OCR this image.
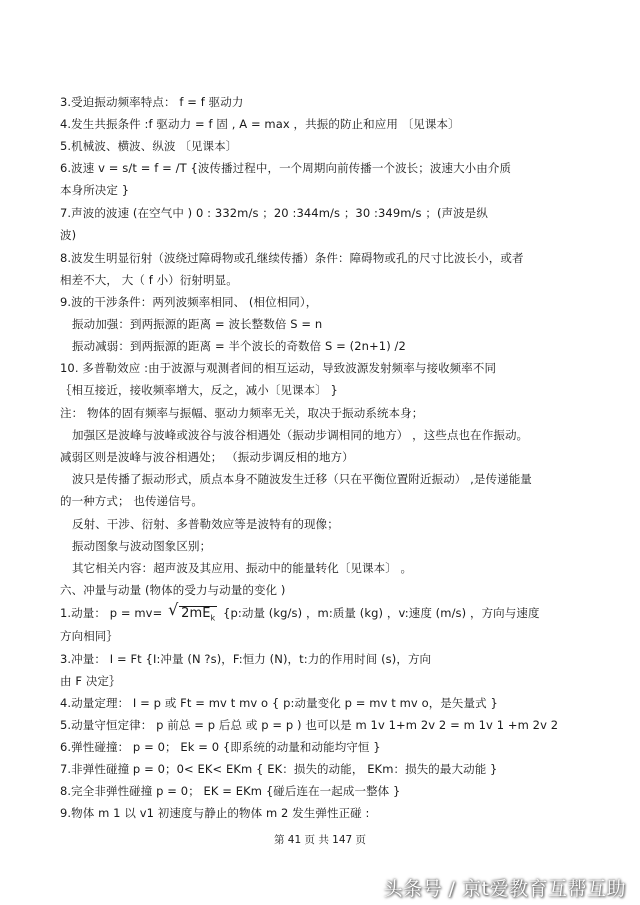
3.受迫振动频率特点： f = f 驱动力
4.发生共振条件 :f 驱动力 = f 固 , A = max ，共振的防止和应用 〔见课本〕
5.机械波、横波、纵波 〔见课本〕
6.波速 v = s/t = f = /T {波传播过程中，一个周期向前传播一个波长；波速大小由介质
本身所决定 }
7.声波的波速 (在空气中 ) 0 : 332m/s ；20 :344m/s ；30 :349m/s ；(声波是纵
波)
8.波发生明显衍射（波绕过障碍物或孔继续传播）条件：障碍物或孔的尺寸比波长小，或者
相差不大， 大（ f 小）衍射明显。
9.波的干涉条件：两列波频率相同、 (相位相同），
振动加强：到两振源的距离 = 波长整数倍 S = n
振动减弱：到两振源的距离 = 半个波长的奇数倍 S = (2n+1) /2
10. 多普勒效应 :由于波源与观测者间的相互运动，导致波源发射频率与接收频率不同
｛相互接近，接收频率增大，反之，减小〔见课本〕 }
注： 物体的固有频率与振幅、驱动力频率无关，取决于振动系统本身；
加强区是波峰与波峰或波谷与波谷相遇处（振动步调相同的地方） ，这些点也在作振动。
减弱区则是波峰与波谷相遇处； （振动步调反相的地方）
波只是传播了振动形式，质点本身不随波发生迁移（只在平衡位置附近振动） ,是传递能量
的一种方式； 也传递信号。
反射、干涉、衍射、多普勒效应等是波特有的现像；
振动图象与波动图象区别；
其它相关内容：超声波及其应用、振动中的能量转化〔见课本〕 。
六、冲量与动量 (物体的受力与动量的变化 )
1.动量： p = mv= √ $2mE_k$ {p:动量 (kg/s) ，m:质量 (kg) ，v:速度 (m/s) ，方向与速度
方向相同｝
3.冲量： I = Ft {I:冲量 (N ?s)，F:恒力 (N)，t:力的作用时间 (s)，方向
由 F 决定｝
4.动量定理： I = p 或 Ft = mv t mv o { p:动量变化 p = mv t mv o，是矢量式 }
5.动量守恒定律： p 前总 = p 后总 或 p = p ) 也可以是 m 1v 1+m 2v 2 = m 1v 1 +m 2v 2
6.弹性碰撞： p = 0； Ek = 0 {即系统的动量和动能均守恒 }
7.非弹性碰撞 p = 0；0< EK< EKm { EK：损失的动能， EKm：损失的最大动能 }
8.完全非弹性碰撞 p = 0； EK = EKm {碰后连在一起成一整体 }
9.物体 m 1 以 v1 初速度与静止的物体 m 2 发生弹性正碰 :
第 41 页 共 147 页
头条号 / 京t爱教育互帮互助
